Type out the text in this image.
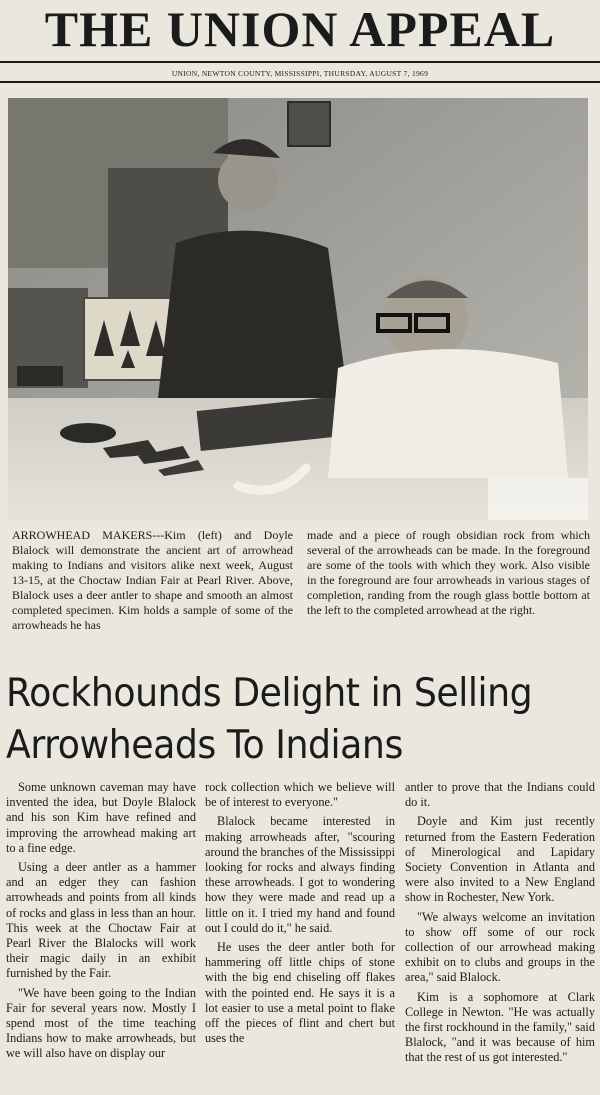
THE UNION APPEAL
UNION, NEWTON COUNTY, MISSISSIPPI, THURSDAY, AUGUST 7, 1969
ARROWHEAD MAKERS---Kim (left) and Doyle Blalock will demonstrate the ancient art of arrowhead making to Indians and visitors alike next week, August 13-15, at the Choctaw Indian Fair at Pearl River. Above, Blalock uses a deer antler to shape and smooth an almost completed specimen. Kim holds a sample of some of the arrowheads he has
made and a piece of rough obsidian rock from which several of the arrowheads can be made. In the foreground are some of the tools with which they work. Also visible in the foreground are four arrowheads in various stages of completion, randing from the rough glass bottle bottom at the left to the completed arrowhead at the right.
Rockhounds Delight in Selling
Arrowheads To Indians

Some unknown caveman may have invented the idea, but Doyle Blalock and his son Kim have refined and improving the arrowhead making art to a fine edge.

Using a deer antler as a hammer and an edger they can fashion arrowheads and points from all kinds of rocks and glass in less than an hour. This week at the Choctaw Fair at Pearl River the Blalocks will work their magic daily in an exhibit furnished by the Fair.

"We have been going to the Indian Fair for several years now. Mostly I spend most of the time teaching Indians how to make arrowheads, but we will also have on display our

rock collection which we believe will be of interest to everyone."

Blalock became interested in making arrowheads after, "scouring around the branches of the Mississippi looking for rocks and always finding these arrowheads. I got to wondering how they were made and read up a little on it. I tried my hand and found out I could do it," he said.

He uses the deer antler both for hammering off little chips of stone with the big end chiseling off flakes with the pointed end. He says it is a lot easier to use a metal point to flake off the pieces of flint and chert but uses the

antler to prove that the Indians could do it.

Doyle and Kim just recently returned from the Eastern Federation of Minerological and Lapidary Society Convention in Atlanta and were also invited to a New England show in Rochester, New York.

"We always welcome an invitation to show off some of our rock collection of our arrowhead making exhibit on to clubs and groups in the area," said Blalock.

Kim is a sophomore at Clark College in Newton. "He was actually the first rockhound in the family," said Blalock, "and it was because of him that the rest of us got interested."
